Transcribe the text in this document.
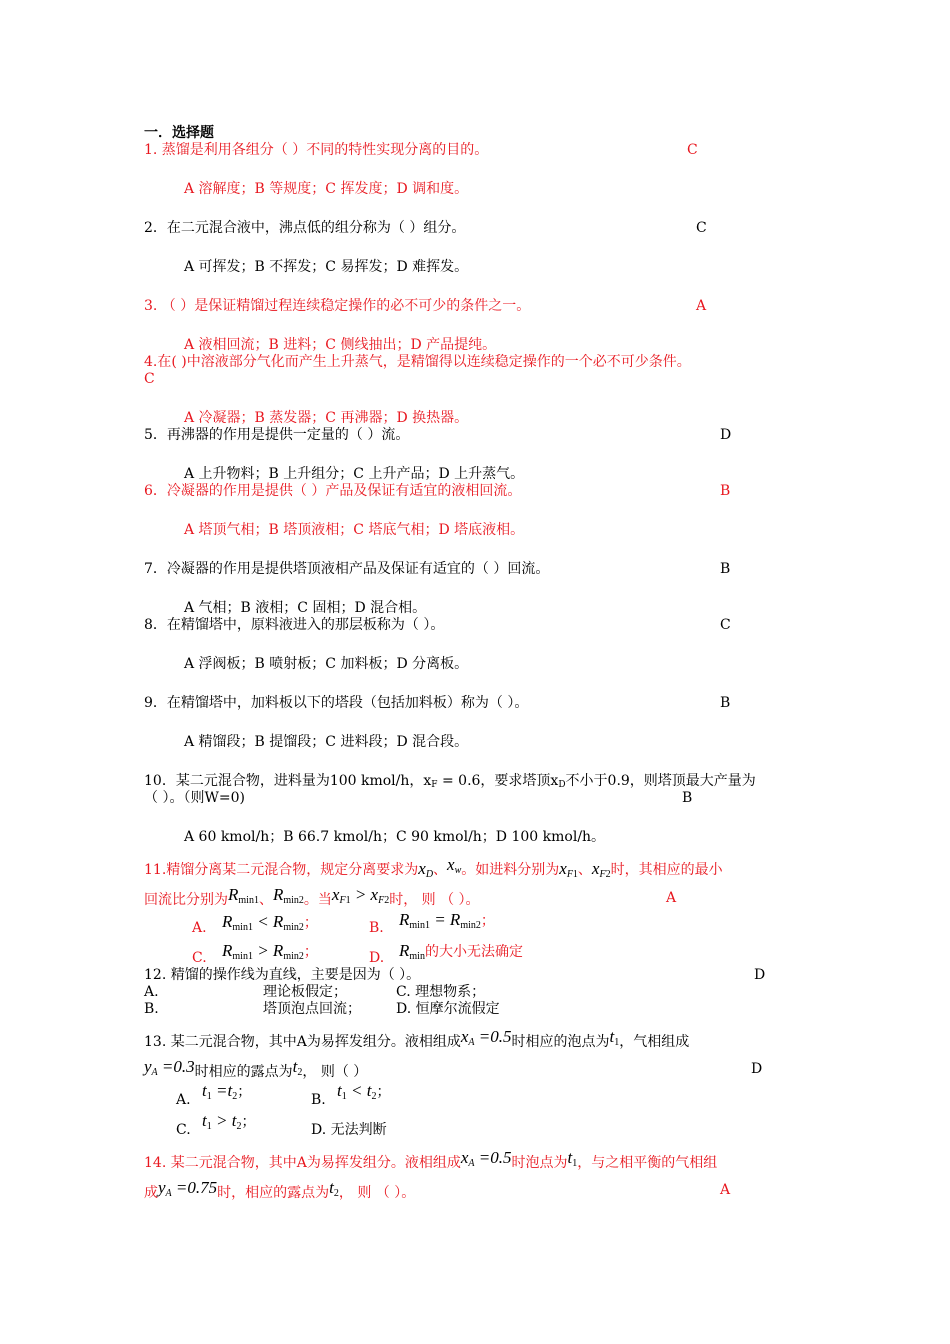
一．选择题
1. 蒸馏是利用各组分（ ）不同的特性实现分离的目的。	C
A 溶解度；B 等规度；C 挥发度；D 调和度。
2．在二元混合液中，沸点低的组分称为（ ）组分。	C
A 可挥发；B 不挥发；C 易挥发；D 难挥发。
3. （ ）是保证精馏过程连续稳定操作的必不可少的条件之一。	A
A 液相回流；B 进料；C 侧线抽出；D 产品提纯。
4.在( )中溶液部分气化而产生上升蒸气，是精馏得以连续稳定操作的一个必不可少条件。
C
A 冷凝器；B 蒸发器；C 再沸器；D 换热器。
5．再沸器的作用是提供一定量的（ ）流。	D
A 上升物料；B 上升组分；C 上升产品；D 上升蒸气。
6．冷凝器的作用是提供（ ）产品及保证有适宜的液相回流。	B
A 塔顶气相；B 塔顶液相；C 塔底气相；D 塔底液相。
7．冷凝器的作用是提供塔顶液相产品及保证有适宜的（ ）回流。	B
A 气相；B 液相；C 固相；D 混合相。
8．在精馏塔中，原料液进入的那层板称为（ ）。	C
A 浮阀板；B 喷射板；C 加料板；D 分离板。
9．在精馏塔中，加料板以下的塔段（包括加料板）称为（ ）。	B
A 精馏段；B 提馏段；C 进料段；D 混合段。
10．某二元混合物，进料量为100 kmol/h，xF = 0.6，要求塔顶xD不小于0.9，则塔顶最大产量为
（ ）。（则W=0)	B
A 60 kmol/h；B 66.7 kmol/h；C 90 kmol/h；D 100 kmol/h。
11.精馏分离某二元混合物，规定分离要求为xD、xw。如进料分别为$xF_1$、$xF_2$时，其相应的最小
回流比分别为$R_{min1}$、$R_{min2}$。当$xF_1 > xF_2$时， 则 （ ）。	A
A. $R_{min1} < R_{min2}$；	B. $R_{min1} = R_{min2}$；
C. $R_{min1} > R_{min2}$；	D. $R_{min}$的大小无法确定
12. 精馏的操作线为直线，主要是因为（ ）。	D
A.	理论板假定；	C. 理想物系；
B.	塔顶泡点回流；	D. 恒摩尔流假定
13. 某二元混合物，其中A为易挥发组分。液相组成xA =0.5时相应的泡点为$t_1$，气相组成
yA =0.3时相应的露点为$t_2$， 则（ ）	D
A. $t_1 =t_2$；	B. $t_1 < t_2$；
C. $t_1 > t_2$；	D. 无法判断
14. 某二元混合物，其中A为易挥发组分。液相组成xA =0.5时泡点为$t_1$，与之相平衡的气相组
成yA =0.75时，相应的露点为$t_2$， 则 （ ）。	A
